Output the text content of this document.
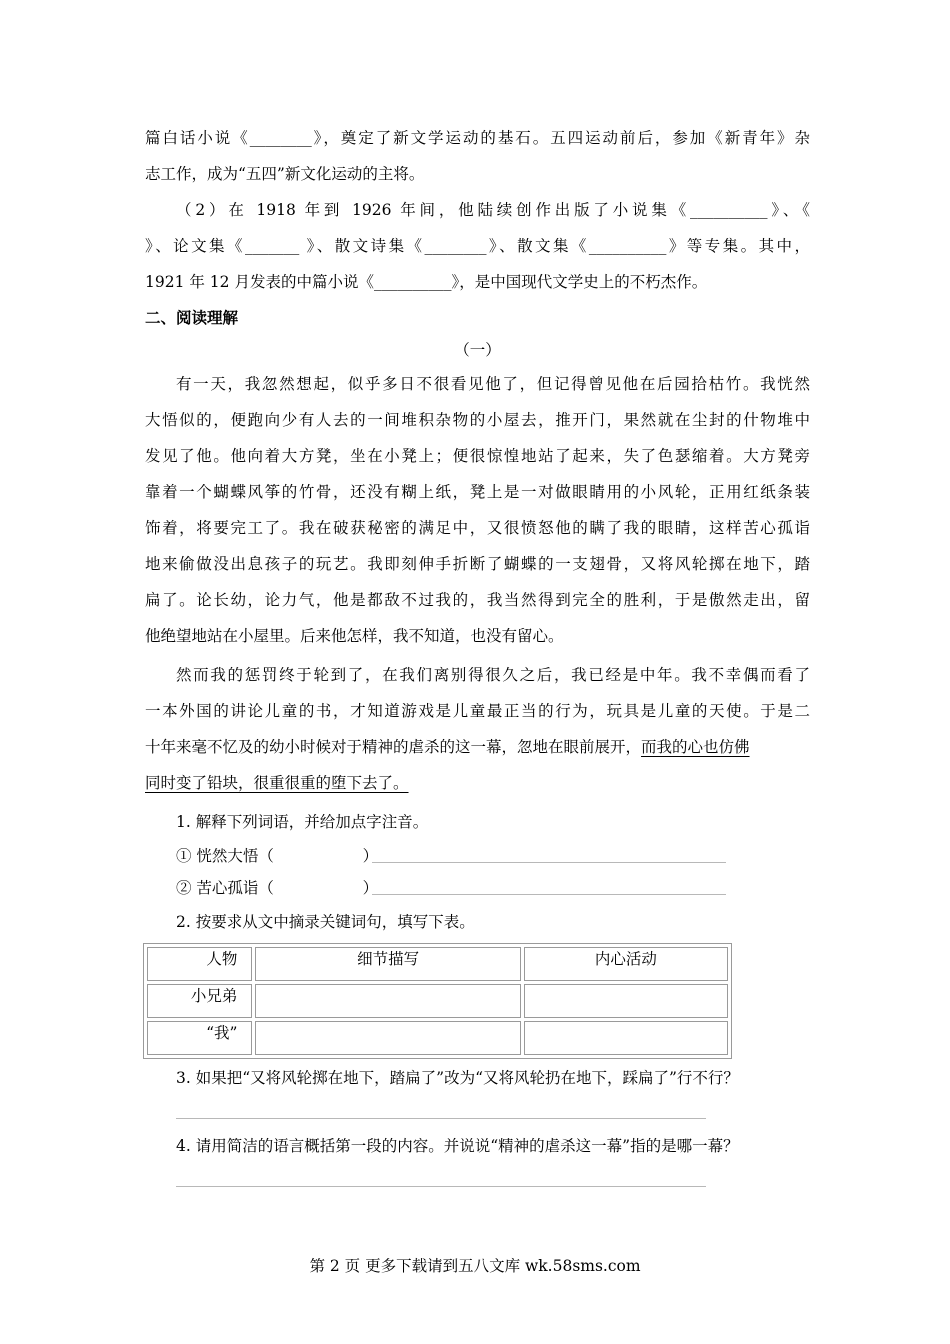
篇白话小说《________》，奠定了新文学运动的基石。五四运动前后，参加《新青年》杂
志工作，成为“五四”新文化运动的主将。
（2）在 1918 年到 1926 年间，他陆续创作出版了小说集《__________》、《
》、论文集《_______ 》、散文诗集《________》、散文集《__________》等专集。其中，
1921 年 12 月发表的中篇小说《__________》，是中国现代文学史上的不朽杰作。
二、阅读理解
（一）
有一天，我忽然想起，似乎多日不很看见他了，但记得曾见他在后园拾枯竹。我恍然
大悟似的，便跑向少有人去的一间堆积杂物的小屋去，推开门，果然就在尘封的什物堆中
发见了他。他向着大方凳，坐在小凳上；便很惊惶地站了起来，失了色瑟缩着。大方凳旁
靠着一个蝴蝶风筝的竹骨，还没有糊上纸，凳上是一对做眼睛用的小风轮，正用红纸条装
饰着，将要完工了。我在破获秘密的满足中，又很愤怒他的瞒了我的眼睛，这样苦心孤诣
地来偷做没出息孩子的玩艺。我即刻伸手折断了蝴蝶的一支翅骨，又将风轮掷在地下，踏
扁了。论长幼，论力气，他是都敌不过我的，我当然得到完全的胜利，于是傲然走出，留
他绝望地站在小屋里。后来他怎样，我不知道，也没有留心。
然而我的惩罚终于轮到了，在我们离别得很久之后，我已经是中年。我不幸偶而看了
一本外国的讲论儿童的书，才知道游戏是儿童最正当的行为，玩具是儿童的天使。于是二
十年来毫不忆及的幼小时候对于精神的虐杀的这一幕，忽地在眼前展开，而我的心也仿佛
同时变了铅块，很重很重的堕下去了。
1. 解释下列词语，并给加点字注音。
① 恍然大悟（                  ）
② 苦心孤诣（                  ）
2. 按要求从文中摘录关键词句，填写下表。
人物	细节描写	内心活动
小兄弟		
“我”		
3. 如果把“又将风轮掷在地下，踏扁了”改为“又将风轮扔在地下，踩扁了”行不行？
4. 请用简洁的语言概括第一段的内容。并说说“精神的虐杀这一幕”指的是哪一幕？
第 2 页 更多下载请到五八文库 wk.58sms.com
